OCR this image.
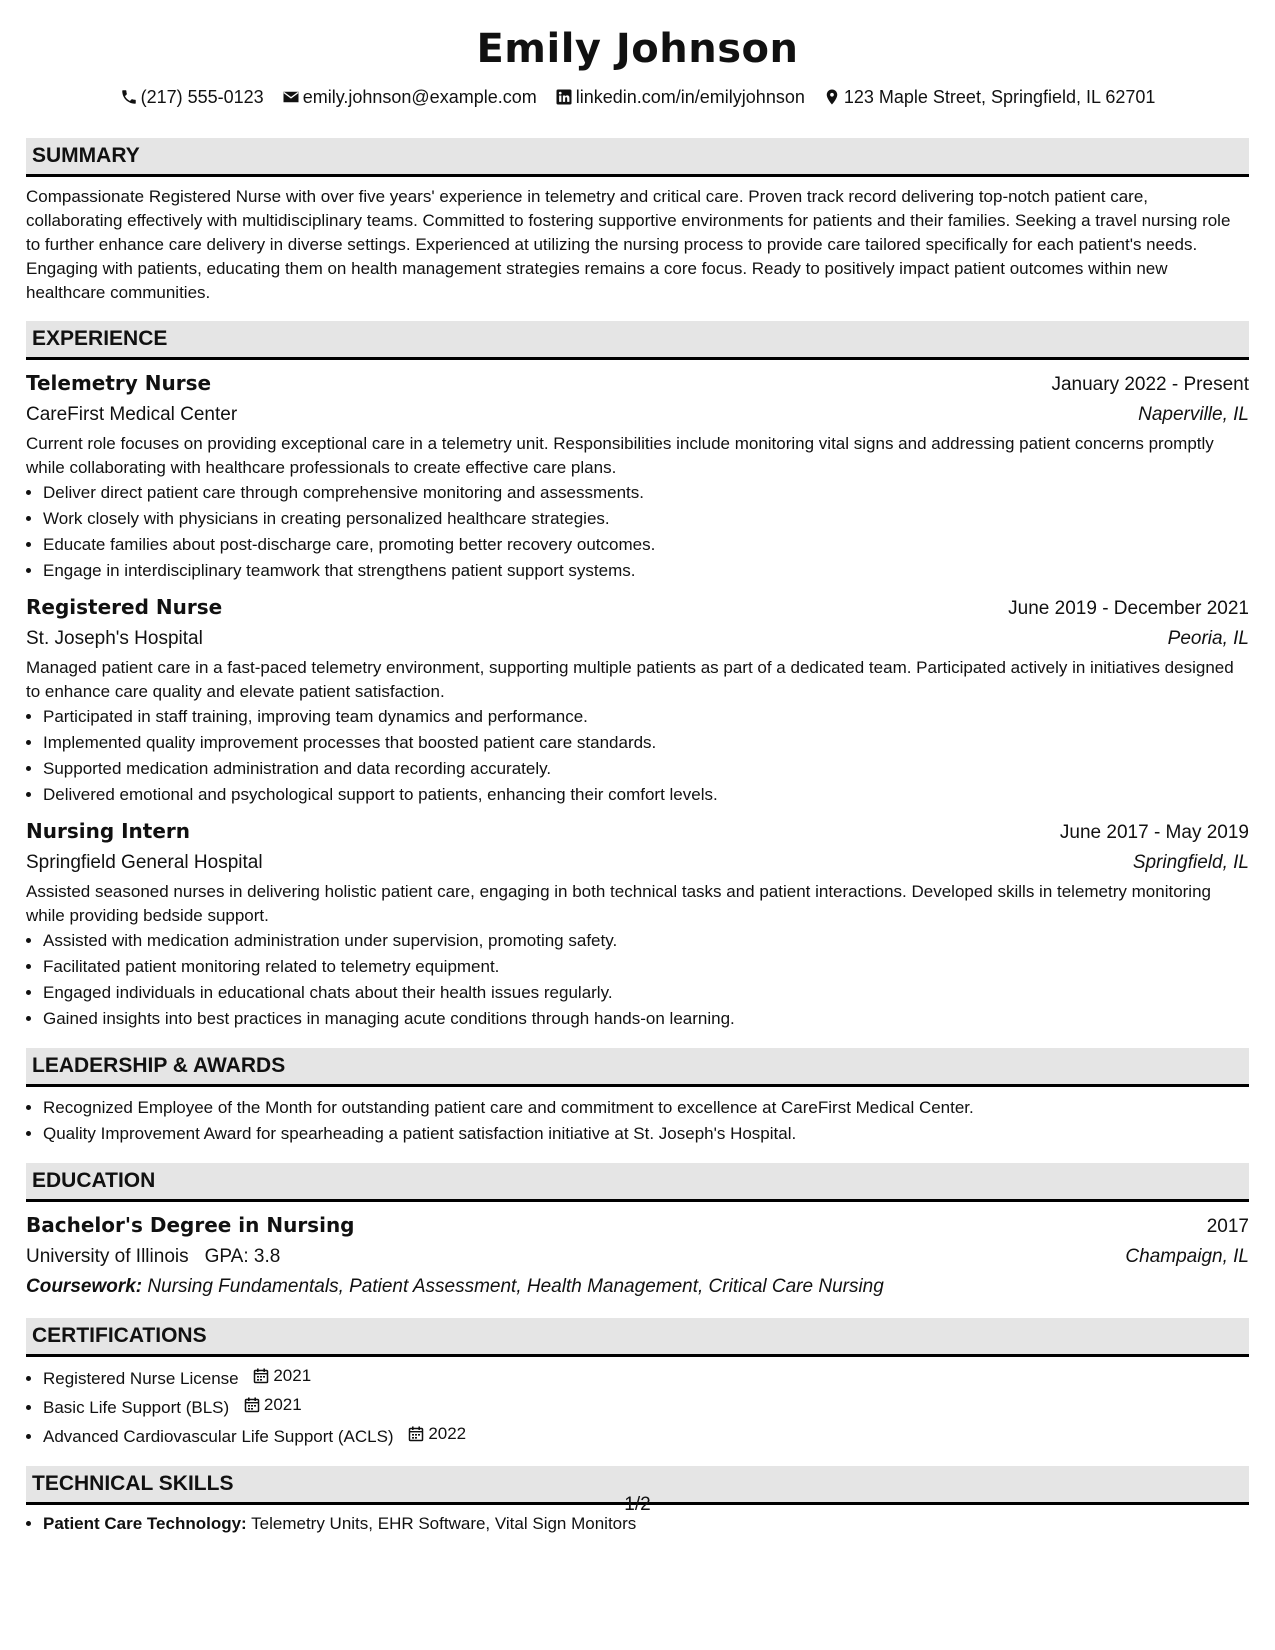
Emily Johnson
(217) 555-0123 emily.johnson@example.com linkedin.com/in/emilyjohnson 123 Maple Street, Springfield, IL 62701
SUMMARY
Compassionate Registered Nurse with over five years' experience in telemetry and critical care. Proven track record delivering top-notch patient care, collaborating effectively with multidisciplinary teams. Committed to fostering supportive environments for patients and their families. Seeking a travel nursing role to further enhance care delivery in diverse settings. Experienced at utilizing the nursing process to provide care tailored specifically for each patient's needs. Engaging with patients, educating them on health management strategies remains a core focus. Ready to positively impact patient outcomes within new healthcare communities.
EXPERIENCE
Telemetry Nurse	January 2022 - Present
CareFirst Medical Center	Naperville, IL
Current role focuses on providing exceptional care in a telemetry unit. Responsibilities include monitoring vital signs and addressing patient concerns promptly while collaborating with healthcare professionals to create effective care plans.
• Deliver direct patient care through comprehensive monitoring and assessments.
• Work closely with physicians in creating personalized healthcare strategies.
• Educate families about post-discharge care, promoting better recovery outcomes.
• Engage in interdisciplinary teamwork that strengthens patient support systems.
Registered Nurse	June 2019 - December 2021
St. Joseph's Hospital	Peoria, IL
Managed patient care in a fast-paced telemetry environment, supporting multiple patients as part of a dedicated team. Participated actively in initiatives designed to enhance care quality and elevate patient satisfaction.
• Participated in staff training, improving team dynamics and performance.
• Implemented quality improvement processes that boosted patient care standards.
• Supported medication administration and data recording accurately.
• Delivered emotional and psychological support to patients, enhancing their comfort levels.
Nursing Intern	June 2017 - May 2019
Springfield General Hospital	Springfield, IL
Assisted seasoned nurses in delivering holistic patient care, engaging in both technical tasks and patient interactions. Developed skills in telemetry monitoring while providing bedside support.
• Assisted with medication administration under supervision, promoting safety.
• Facilitated patient monitoring related to telemetry equipment.
• Engaged individuals in educational chats about their health issues regularly.
• Gained insights into best practices in managing acute conditions through hands-on learning.
LEADERSHIP & AWARDS
• Recognized Employee of the Month for outstanding patient care and commitment to excellence at CareFirst Medical Center.
• Quality Improvement Award for spearheading a patient satisfaction initiative at St. Joseph's Hospital.
EDUCATION
Bachelor's Degree in Nursing	2017
University of Illinois GPA: 3.8	Champaign, IL
Coursework: Nursing Fundamentals, Patient Assessment, Health Management, Critical Care Nursing
CERTIFICATIONS
• Registered Nurse License 2021
• Basic Life Support (BLS) 2021
• Advanced Cardiovascular Life Support (ACLS) 2022
TECHNICAL SKILLS
• Patient Care Technology: Telemetry Units, EHR Software, Vital Sign Monitors
1/2
